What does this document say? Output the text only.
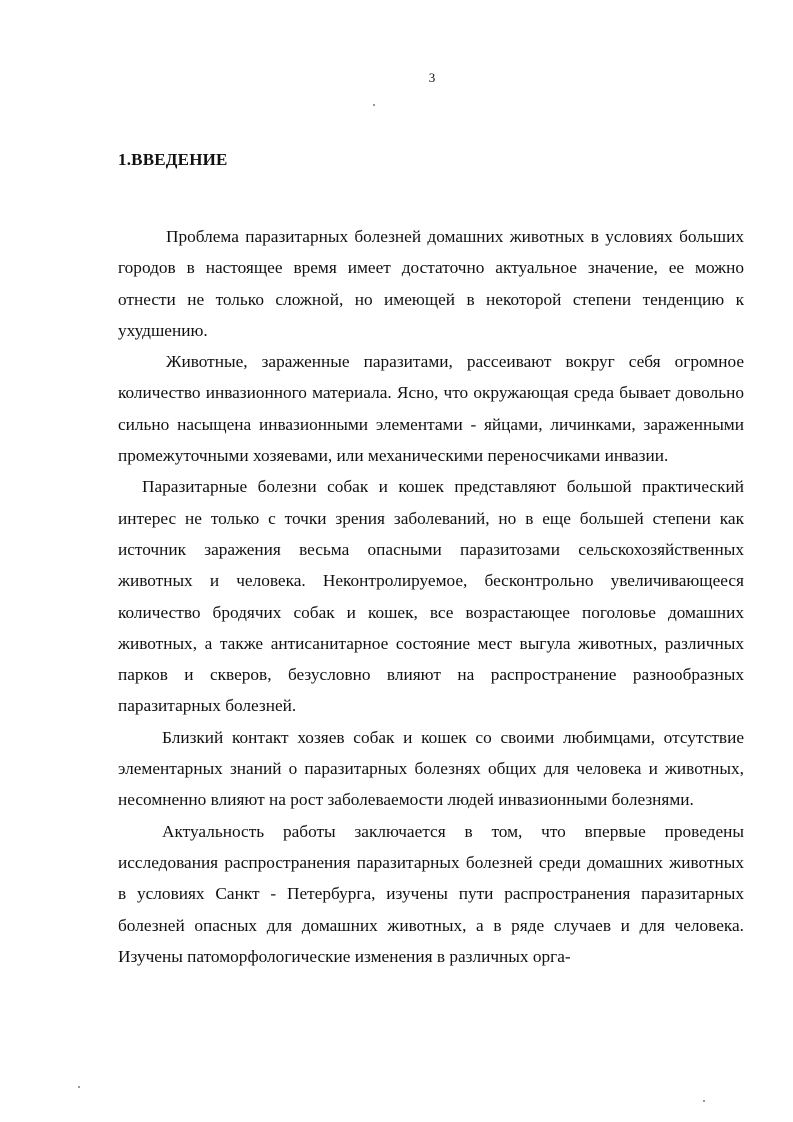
3
1.ВВЕДЕНИЕ

Проблема паразитарных болезней домашних животных в условиях больших городов в настоящее время имеет достаточно актуальное значение, ее можно отнести не только сложной, но имеющей в некоторой степени тенденцию к ухудшению.

Животные, зараженные паразитами, рассеивают вокруг себя огромное количество инвазионного материала. Ясно, что окружающая среда бывает довольно сильно насыщена инвазионными элементами - яйцами, личинками, зараженными промежуточными хозяевами, или механическими переносчиками инвазии.

Паразитарные болезни собак и кошек представляют большой практический интерес не только с точки зрения заболеваний, но в еще большей степени как источник заражения весьма опасными паразитозами сельскохозяйственных животных и человека. Неконтролируемое, бесконтрольно увеличивающееся количество бродячих собак и кошек, все возрастающее поголовье домашних животных, а также антисанитарное состояние мест выгула животных, различных парков и скверов, безусловно влияют на распространение разнообразных паразитарных болезней.

Близкий контакт хозяев собак и кошек со своими любимцами, отсутствие элементарных знаний о паразитарных болезнях общих для человека и животных, несомненно влияют на рост заболеваемости людей инвазионными болезнями.

Актуальность работы заключается в том, что впервые проведены исследования распространения паразитарных болезней среди домашних животных в условиях Санкт - Петербурга, изучены пути распространения паразитарных болезней опасных для домашних животных, а в ряде случаев и для человека. Изучены патоморфологические изменения в различных орга-
